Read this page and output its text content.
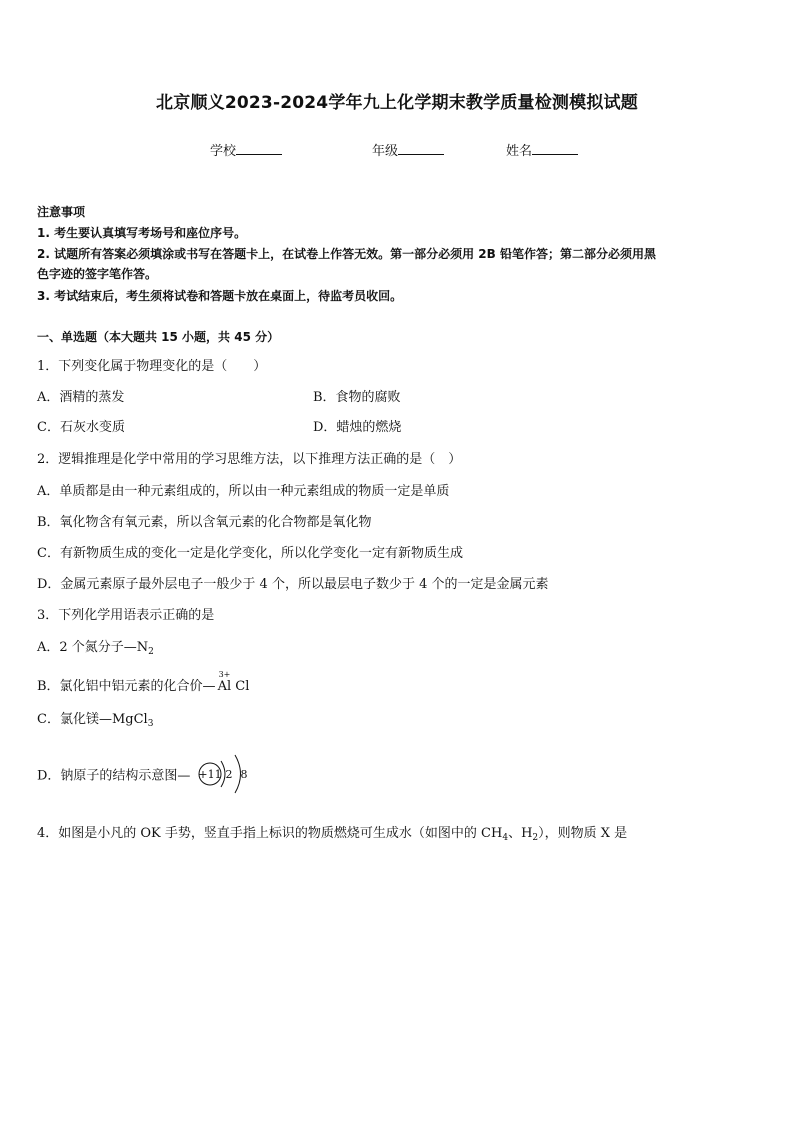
北京顺义2023-2024学年九上化学期末教学质量检测模拟试题
学校	年级	姓名
注意事项
1. 考生要认真填写考场号和座位序号。
2. 试题所有答案必须填涂或书写在答题卡上，在试卷上作答无效。第一部分必须用 2B 铅笔作答；第二部分必须用黑
色字迹的签字笔作答。
3. 考试结束后，考生须将试卷和答题卡放在桌面上，待监考员收回。
一、单选题（本大题共 15 小题，共 45 分）
1．下列变化属于物理变化的是（　　）
A．酒精的蒸发	B．食物的腐败
C．石灰水变质	D．蜡烛的燃烧
2．逻辑推理是化学中常用的学习思维方法，以下推理方法正确的是（　）
A．单质都是由一种元素组成的，所以由一种元素组成的物质一定是单质
B．氧化物含有氧元素，所以含氧元素的化合物都是氧化物
C．有新物质生成的变化一定是化学变化，所以化学变化一定有新物质生成
D．金属元素原子最外层电子一般少于 4 个，所以最层电子数少于 4 个的一定是金属元素
3．下列化学用语表示正确的是
A．2 个氮分子$—N_2$
B．氯化铝中铝元素的化合价—
3+
Al Cl
C．氯化镁—MgCl$_3$
D．钠原子的结构示意图— +11 2 8
4．如图是小凡的 OK 手势，竖直手指上标识的物质燃烧可生成水（如图中的 $CH_4$、$H_2$），则物质 X 是
